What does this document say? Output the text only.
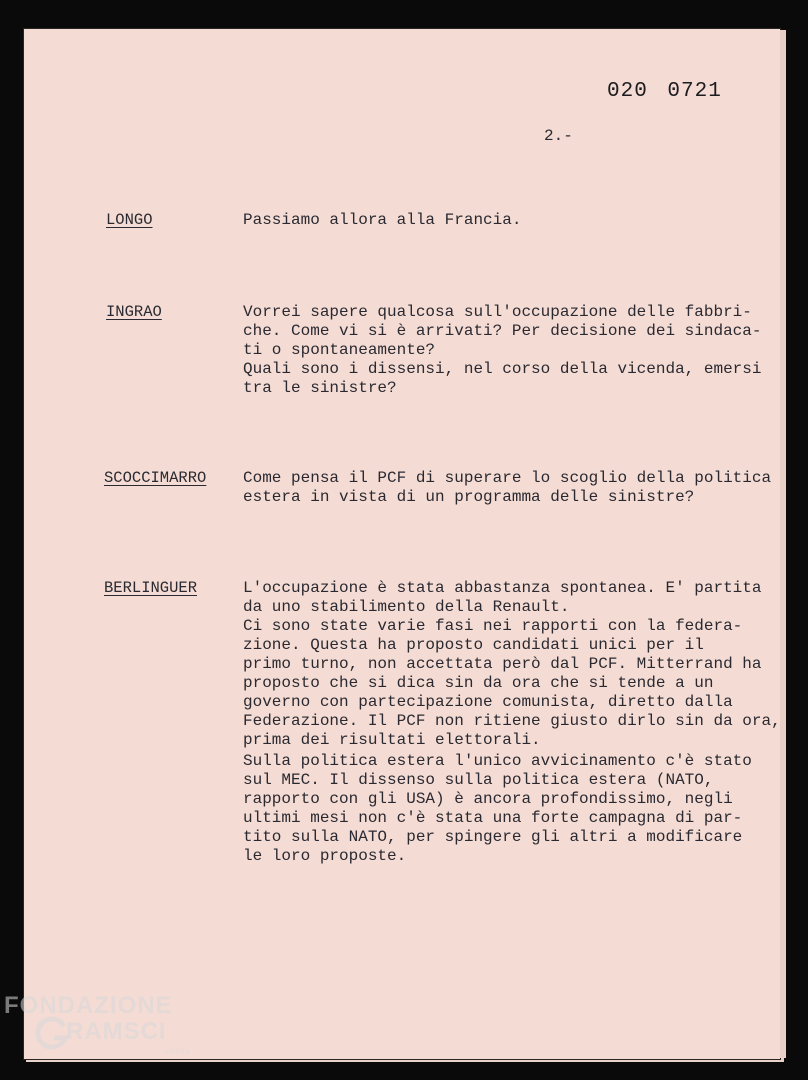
020 0721
2.-
LONGO	Passiamo allora alla Francia.
INGRAO	Vorrei sapere qualcosa sull'occupazione delle fabbri-
che. Come vi si è arrivati? Per decisione dei sindaca-
ti o spontaneamente?
Quali sono i dissensi, nel corso della vicenda, emersi
tra le sinistre?
SCOCCIMARRO Come pensa il PCF di superare lo scoglio della politica
estera in vista di un programma delle sinistre?
BERLINGUER	L'occupazione è stata abbastanza spontanea. E' partita
da uno stabilimento della Renault.
Ci sono state varie fasi nei rapporti con la federa-
zione. Questa ha proposto candidati unici per il
primo turno, non accettata però dal PCF. Mitterrand ha
proposto che si dica sin da ora che si tende a un
governo con partecipazione comunista, diretto dalla
Federazione. Il PCF non ritiene giusto dirlo sin da ora,
prima dei risultati elettorali.
Sulla politica estera l'unico avvicinamento c'è stato
sul MEC. Il dissenso sulla politica estera (NATO,
rapporto con gli USA) è ancora profondissimo, negli
ultimi mesi non c'è stata una forte campagna di par-
tito sulla NATO, per spingere gli altri a modificare
le loro proposte.
FONDAZIONE
RAMSCI
onlus
